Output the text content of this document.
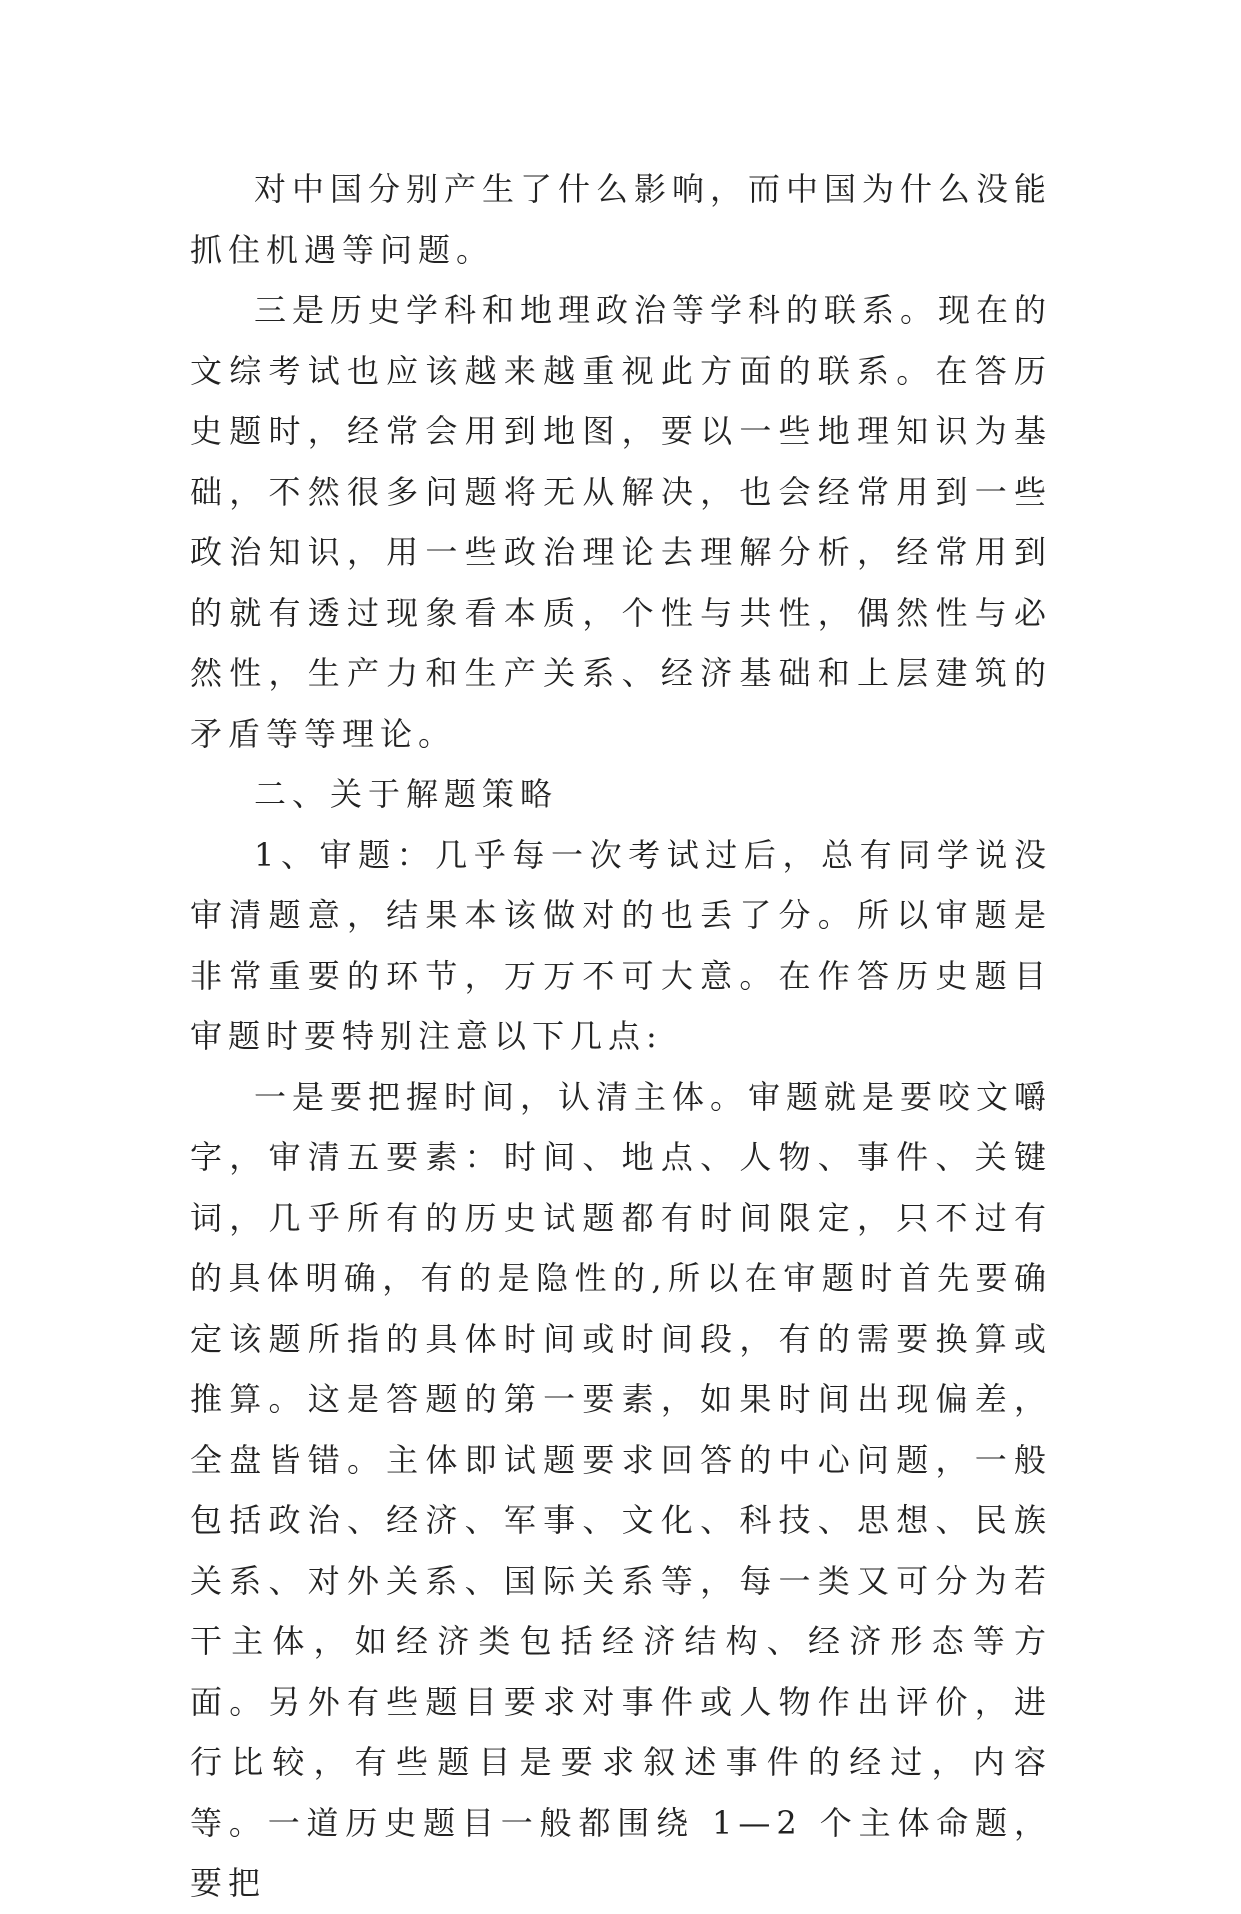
对中国分别产生了什么影响，而中国为什么没能抓住机遇等问题。

三是历史学科和地理政治等学科的联系。现在的文综考试也应该越来越重视此方面的联系。在答历史题时，经常会用到地图，要以一些地理知识为基础，不然很多问题将无从解决，也会经常用到一些政治知识，用一些政治理论去理解分析，经常用到的就有透过现象看本质，个性与共性，偶然性与必然性，生产力和生产关系、经济基础和上层建筑的矛盾等等理论。

二、关于解题策略

1、审题：几乎每一次考试过后，总有同学说没审清题意，结果本该做对的也丢了分。所以审题是非常重要的环节，万万不可大意。在作答历史题目审题时要特别注意以下几点:

一是要把握时间，认清主体。审题就是要咬文嚼字，审清五要素：时间、地点、人物、事件、关键词，几乎所有的历史试题都有时间限定，只不过有的具体明确，有的是隐性的,所以在审题时首先要确定该题所指的具体时间或时间段，有的需要换算或推算。这是答题的第一要素，如果时间出现偏差，全盘皆错。主体即试题要求回答的中心问题，一般包括政治、经济、军事、文化、科技、思想、民族关系、对外关系、国际关系等，每一类又可分为若干主体，如经济类包括经济结构、经济形态等方面。另外有些题目要求对事件或人物作出评价，进行比较，有些题目是要求叙述事件的经过，内容等。一道历史题目一般都围绕 1—2 个主体命题，要把
